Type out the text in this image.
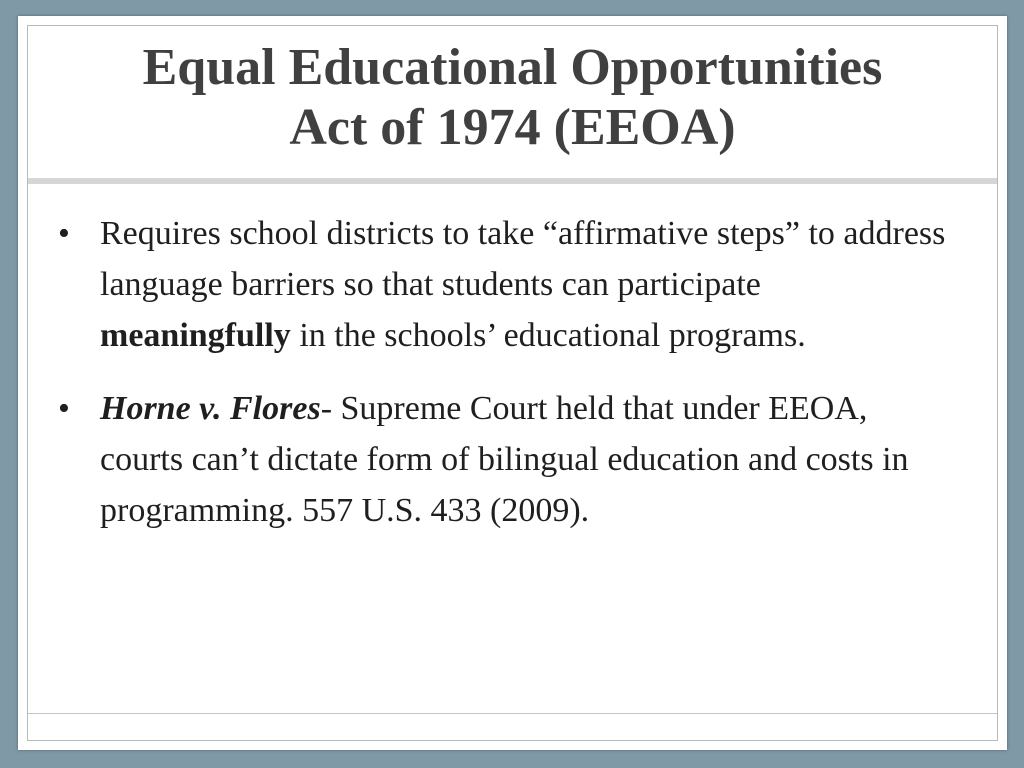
Equal Educational Opportunities
Act of 1974 (EEOA)
• Requires school districts to take “affirmative steps” to address language barriers so that students can participate meaningfully in the schools’ educational programs.
• Horne v. Flores- Supreme Court held that under EEOA, courts can’t dictate form of bilingual education and costs in programming. 557 U.S. 433 (2009).
